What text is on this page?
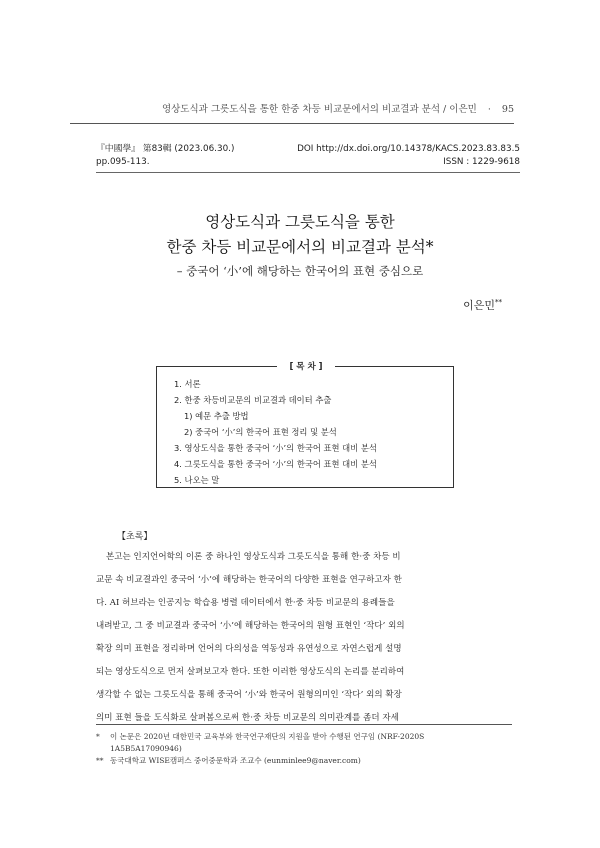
영상도식과 그릇도식을 통한 한중 차등 비교문에서의 비교결과 분석 / 이은민 · 95
『中國學』 第83輯 (2023.06.30.)	DOI http://dx.doi.org/10.14378/KACS.2023.83.83.5
pp.095-113.	ISSN : 1229-9618
영상도식과 그릇도식을 통한
한중 차등 비교문에서의 비교결과 분석*
– 중국어 ‘小’에 해당하는 한국어의 표현 중심으로
이은민**
[ 목 차 ]
1. 서론
2. 한중 차등비교문의 비교결과 데이터 추출
1) 예문 추출 방법
2) 중국어 ‘小’의 한국어 표현 정리 및 분석
3. 영상도식을 통한 중국어 ‘小’의 한국어 표현 대비 분석
4. 그릇도식을 통한 중국어 ‘小’의 한국어 표현 대비 분석
5. 나오는 말
【초록】
본고는 인지언어학의 이론 중 하나인 영상도식과 그릇도식을 통해 한·중 차등 비
교문 속 비교결과인 중국어 ‘小’에 해당하는 한국어의 다양한 표현을 연구하고자 한
다. AI 허브라는 인공지능 학습용 병렬 데이터에서 한·중 차등 비교문의 용례들을
내려받고, 그 중 비교결과 중국어 ‘小’에 해당하는 한국어의 원형 표현인 ‘작다’ 외의
확장 의미 표현을 정리하며 언어의 다의성을 역동성과 유연성으로 자연스럽게 설명
되는 영상도식으로 먼저 살펴보고자 한다. 또한 이러한 영상도식의 논리를 분리하여
생각할 수 없는 그릇도식을 통해 중국어 ‘小’와 한국어 원형의미인 ‘작다’ 외의 확장
의미 표현 들을 도식화로 살펴봄으로써 한·중 차등 비교문의 의미관계를 좀더 자세
*	이 논문은 2020년 대한민국 교육부와 한국연구재단의 지원을 받아 수행된 연구임 (NRF-2020S
1A5B5A17090946)
** 동국대학교 WISE캠퍼스 중어중문학과 조교수 (eunminlee9@naver.com)
